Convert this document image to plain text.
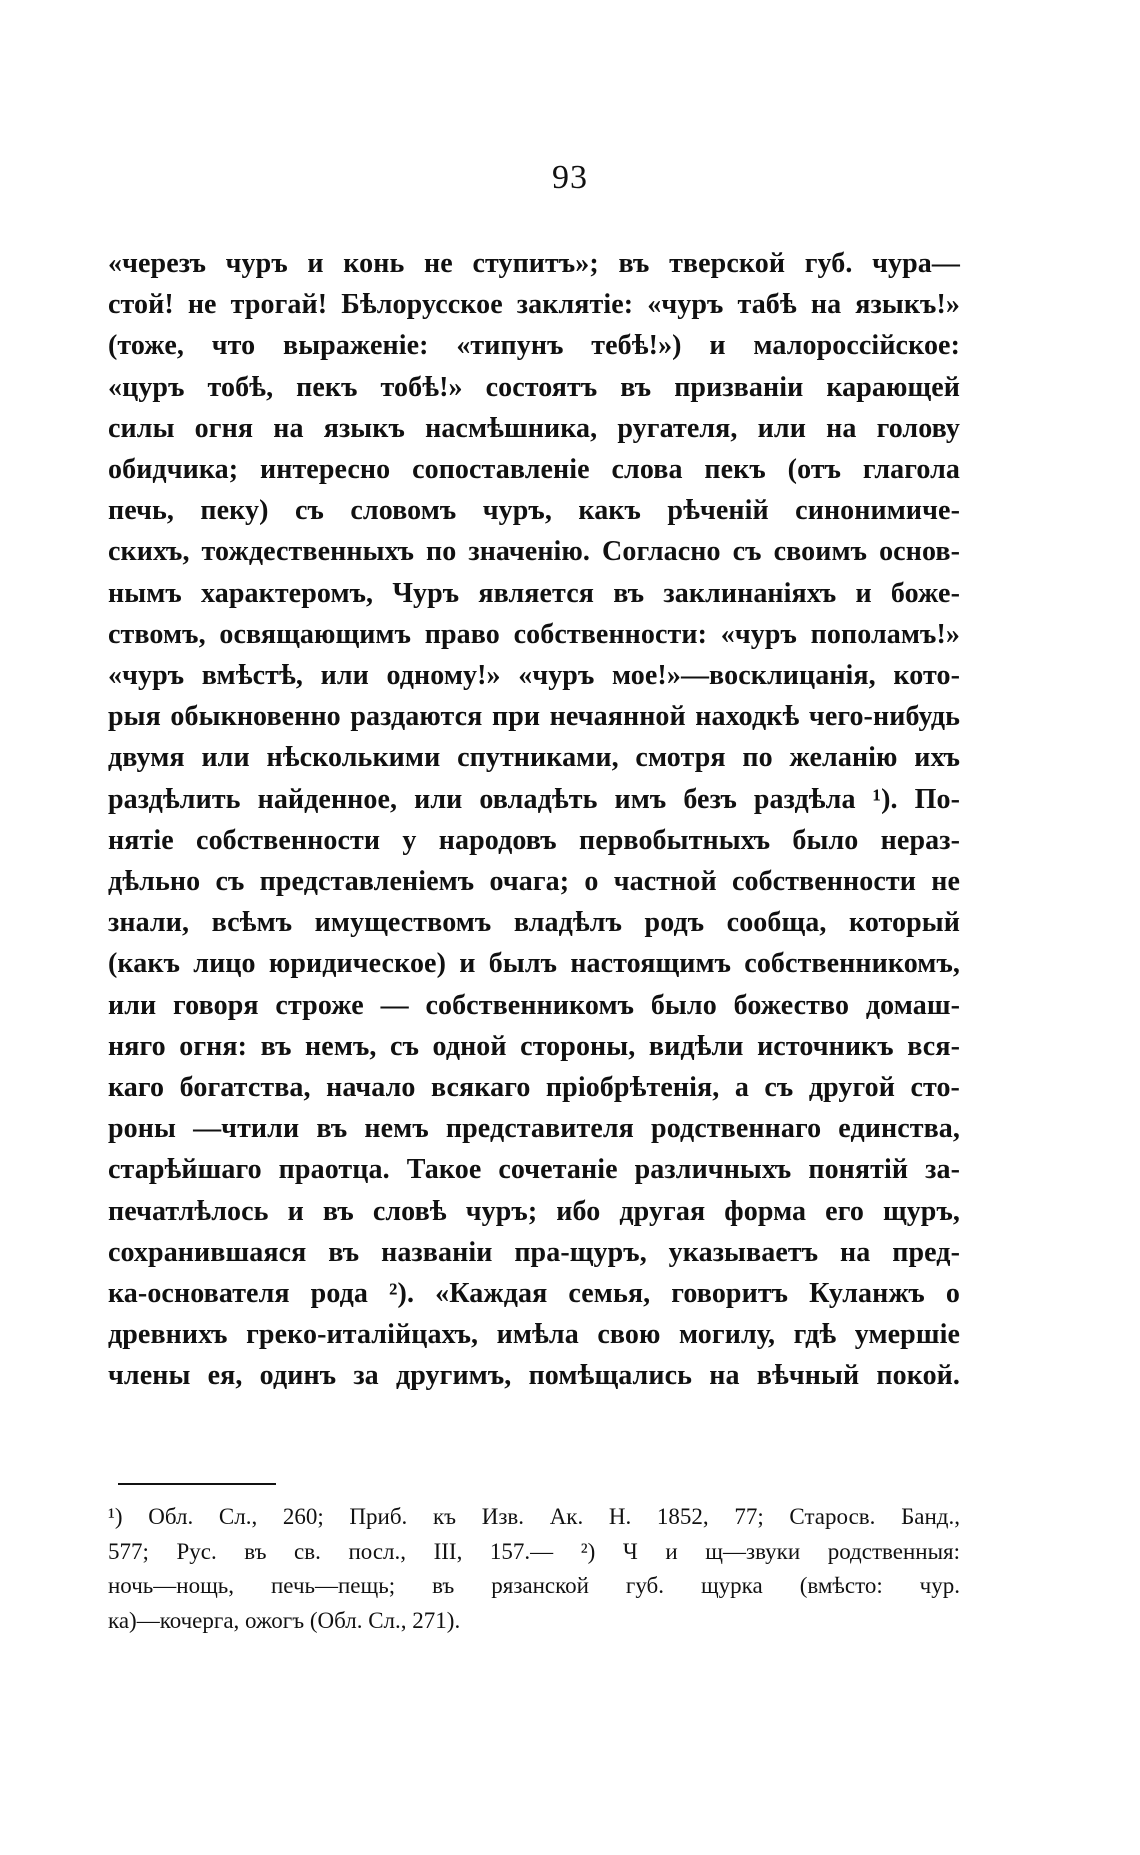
93
«черезъ чуръ и конь не ступитъ»; въ тверской губ. чура—
стой! не трогай! Бѣлорусское заклятіе: «чуръ табѣ на языкъ!»
(тоже, что выраженіе: «типунъ тебѣ!») и малороссійское:
«цуръ тобѣ, пекъ тобѣ!» состоятъ въ призваніи карающей
силы огня на языкъ насмѣшника, ругателя, или на голову
обидчика; интересно сопоставленіе слова пекъ (отъ глагола
печь, пеку) съ словомъ чуръ, какъ рѣченій синонимиче-
скихъ, тождественныхъ по значенію. Согласно съ своимъ основ-
нымъ характеромъ, Чуръ является въ заклинаніяхъ и боже-
ствомъ, освящающимъ право собственности: «чуръ пополамъ!»
«чуръ вмѣстѣ, или одному!» «чуръ мое!»—восклицанія, кото-
рыя обыкновенно раздаются при нечаянной находкѣ чего-нибудь
двумя или нѣсколькими спутниками, смотря по желанію ихъ
раздѣлить найденное, или овладѣть имъ безъ раздѣла ¹). По-
нятіе собственности у народовъ первобытныхъ было нераз-
дѣльно съ представленіемъ очага; о частной собственности не
знали, всѣмъ имуществомъ владѣлъ родъ сообща, который
(какъ лицо юридическое) и былъ настоящимъ собственникомъ,
или говоря строже — собственникомъ было божество домаш-
няго огня: въ немъ, съ одной стороны, видѣли источникъ вся-
каго богатства, начало всякаго пріобрѣтенія, а съ другой сто-
роны —чтили въ немъ представителя родственнаго единства,
старѣйшаго праотца. Такое сочетаніе различныхъ понятій за-
печатлѣлось и въ словѣ чуръ; ибо другая форма его щуръ,
сохранившаяся въ названіи пра-щуръ, указываетъ на пред-
ка-основателя рода ²). «Каждая семья, говоритъ Куланжъ о
древнихъ греко-италійцахъ, имѣла свою могилу, гдѣ умершіе
члены ея, одинъ за другимъ, помѣщались на вѣчный покой.
¹) Обл. Сл., 260; Приб. къ Изв. Ак. Н. 1852, 77; Старосв. Банд.,
577; Рус. въ св. посл., III, 157.— ²) Ч и щ—звуки родственныя:
ночь—нощь, печь—пещь; въ рязанской губ. щурка (вмѣсто: чур.
ка)—кочерга, ожогъ (Обл. Сл., 271).
